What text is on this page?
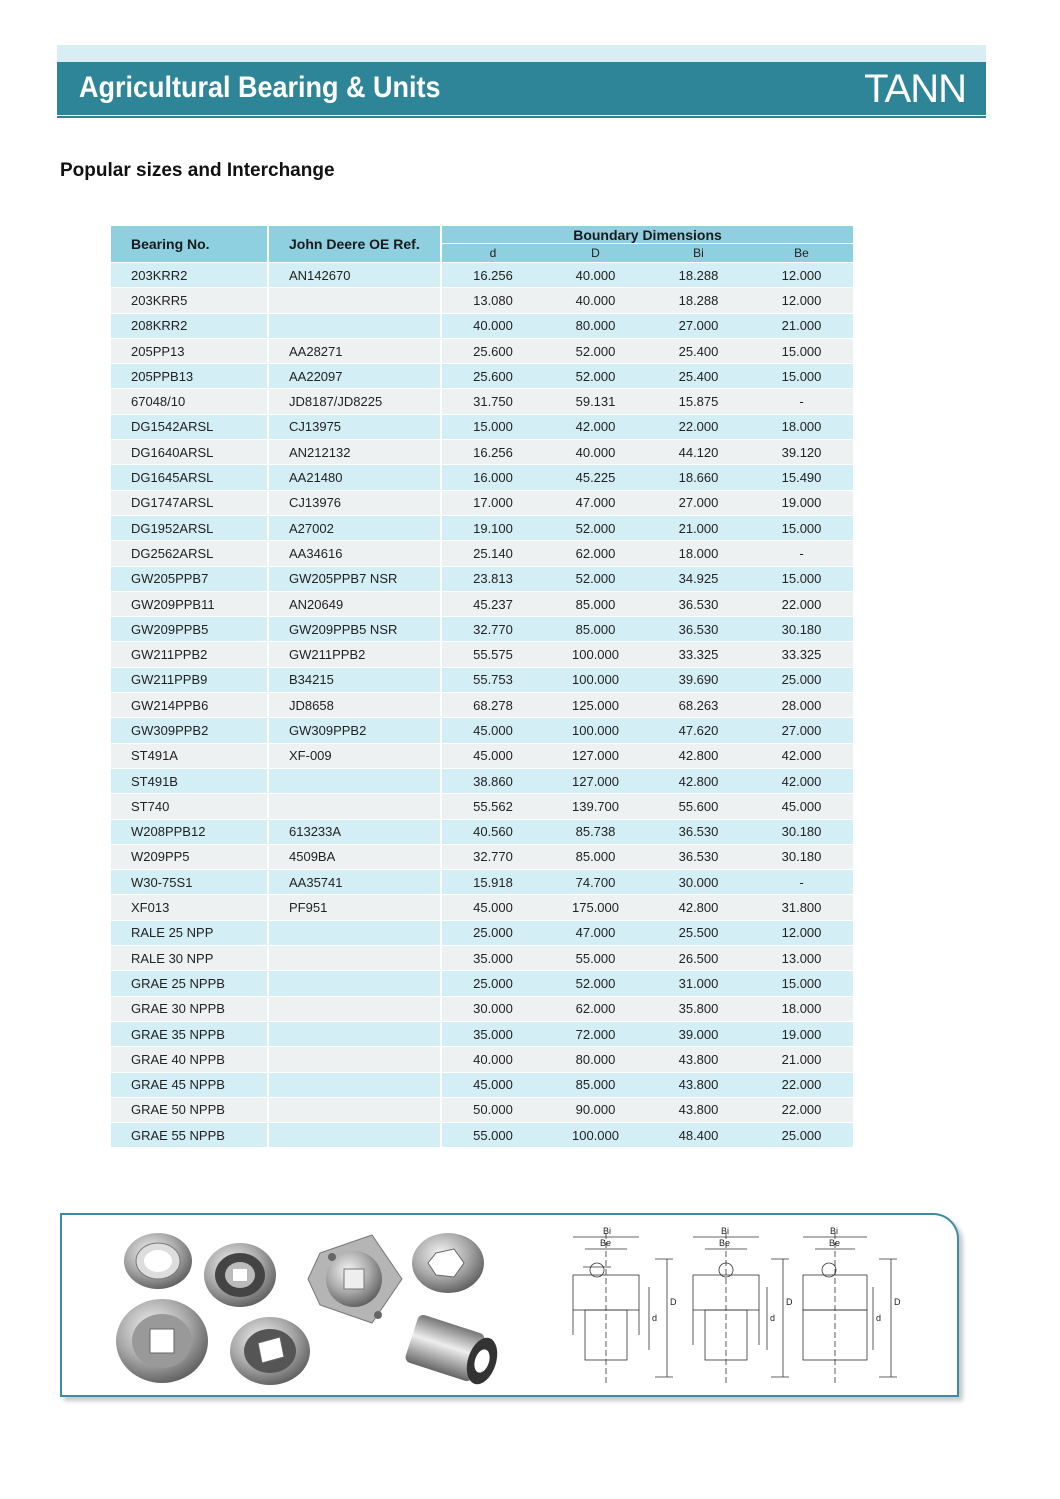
Agricultural Bearing & Units	TANN
Popular sizes and Interchange
Bearing No.	John Deere OE Ref.	Boundary Dimensions			
		d	D	Bi	Be
203KRR2	AN142670	16.256	40.000	18.288	12.000
203KRR5		13.080	40.000	18.288	12.000
208KRR2		40.000	80.000	27.000	21.000
205PP13	AA28271	25.600	52.000	25.400	15.000
205PPB13	AA22097	25.600	52.000	25.400	15.000
67048/10	JD8187/JD8225	31.750	59.131	15.875	-
DG1542ARSL	CJ13975	15.000	42.000	22.000	18.000
DG1640ARSL	AN212132	16.256	40.000	44.120	39.120
DG1645ARSL	AA21480	16.000	45.225	18.660	15.490
DG1747ARSL	CJ13976	17.000	47.000	27.000	19.000
DG1952ARSL	A27002	19.100	52.000	21.000	15.000
DG2562ARSL	AA34616	25.140	62.000	18.000	-
GW205PPB7	GW205PPB7 NSR	23.813	52.000	34.925	15.000
GW209PPB11	AN20649	45.237	85.000	36.530	22.000
GW209PPB5	GW209PPB5 NSR	32.770	85.000	36.530	30.180
GW211PPB2	GW211PPB2	55.575	100.000	33.325	33.325
GW211PPB9	B34215	55.753	100.000	39.690	25.000
GW214PPB6	JD8658	68.278	125.000	68.263	28.000
GW309PPB2	GW309PPB2	45.000	100.000	47.620	27.000
ST491A	XF-009	45.000	127.000	42.800	42.000
ST491B		38.860	127.000	42.800	42.000
ST740		55.562	139.700	55.600	45.000
W208PPB12	613233A	40.560	85.738	36.530	30.180
W209PP5	4509BA	32.770	85.000	36.530	30.180
W30-75S1	AA35741	15.918	74.700	30.000	-
XF013	PF951	45.000	175.000	42.800	31.800
RALE 25 NPP		25.000	47.000	25.500	12.000
RALE 30 NPP		35.000	55.000	26.500	13.000
GRAE 25 NPPB		25.000	52.000	31.000	15.000
GRAE 30 NPPB		30.000	62.000	35.800	18.000
GRAE 35 NPPB		35.000	72.000	39.000	19.000
GRAE 40 NPPB		40.000	80.000	43.800	21.000
GRAE 45 NPPB		45.000	85.000	43.800	22.000
GRAE 50 NPPB		50.000	90.000	43.800	22.000
GRAE 55 NPPB		55.000	100.000	48.400	25.000
Bi
Be
D
d
Bi
Be
D
d
Bi
Be
D
d
